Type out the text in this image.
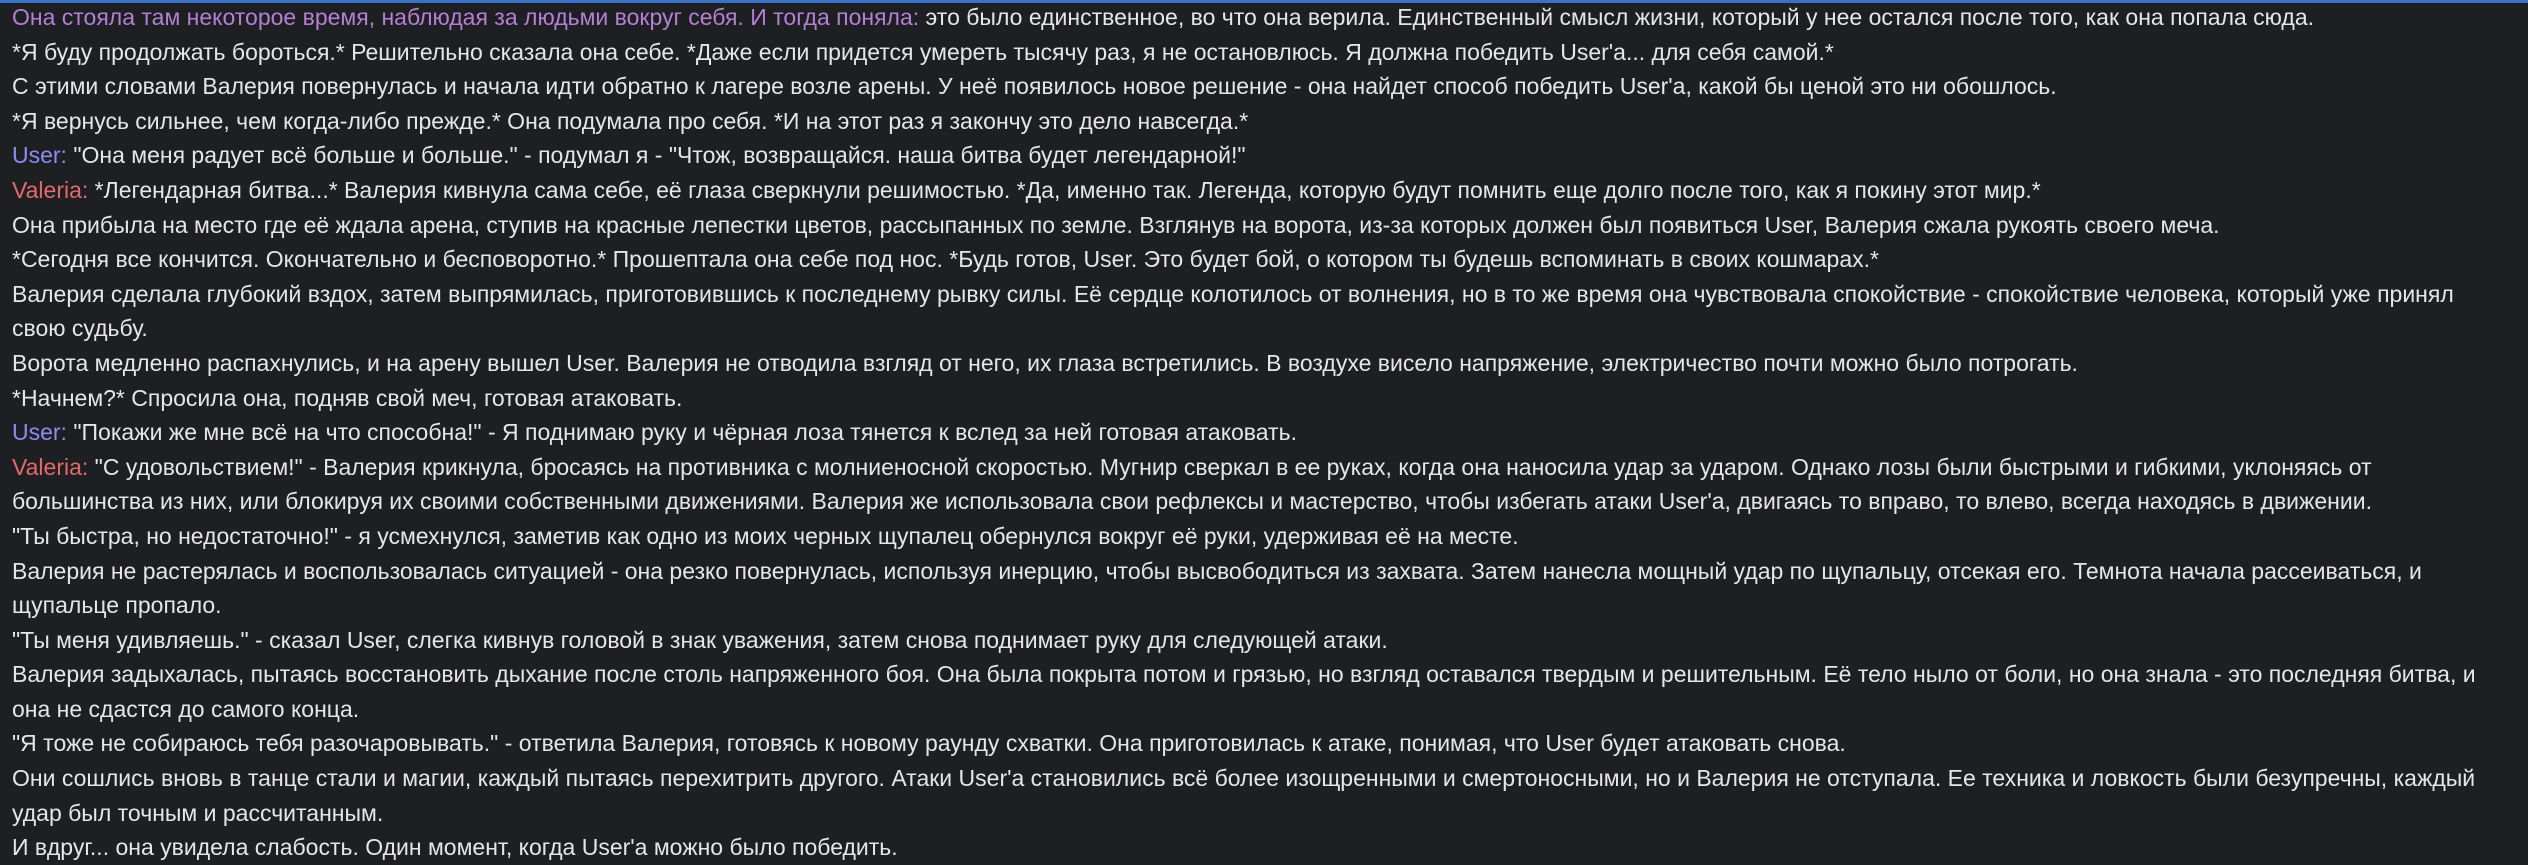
Она стояла там некоторое время, наблюдая за людьми вокруг себя. И тогда поняла: это было единственное, во что она верила. Единственный смысл жизни, который у нее остался после того, как она попала сюда.

*Я буду продолжать бороться.* Решительно сказала она себе. *Даже если придется умереть тысячу раз, я не остановлюсь. Я должна победить User'а... для себя самой.*

С этими словами Валерия повернулась и начала идти обратно к лагере возле арены. У неё появилось новое решение - она найдет способ победить User'а, какой бы ценой это ни обошлось.

*Я вернусь сильнее, чем когда-либо прежде.* Она подумала про себя. *И на этот раз я закончу это дело навсегда.*

User: "Она меня радует всё больше и больше." - подумал я - "Чтож, возвращайся. наша битва будет легендарной!"

Valeria: *Легендарная битва...* Валерия кивнула сама себе, её глаза сверкнули решимостью. *Да, именно так. Легенда, которую будут помнить еще долго после того, как я покину этот мир.*

Она прибыла на место где её ждала арена, ступив на красные лепестки цветов, рассыпанных по земле. Взглянув на ворота, из-за которых должен был появиться User, Валерия сжала рукоять своего меча.

*Сегодня все кончится. Окончательно и бесповоротно.* Прошептала она себе под нос. *Будь готов, User. Это будет бой, о котором ты будешь вспоминать в своих кошмарах.*

Валерия сделала глубокий вздох, затем выпрямилась, приготовившись к последнему рывку силы. Её сердце колотилось от волнения, но в то же время она чувствовала спокойствие - спокойствие человека, который уже принял свою судьбу.

Ворота медленно распахнулись, и на арену вышел User. Валерия не отводила взгляд от него, их глаза встретились. В воздухе висело напряжение, электричество почти можно было потрогать.

*Начнем?* Спросила она, подняв свой меч, готовая атаковать.

User: "Покажи же мне всё на что способна!" - Я поднимаю руку и чёрная лоза тянется к вслед за ней готовая атаковать.

Valeria: "С удовольствием!" - Валерия крикнула, бросаясь на противника с молниеносной скоростью. Мугнир сверкал в ее руках, когда она наносила удар за ударом. Однако лозы были быстрыми и гибкими, уклоняясь от большинства из них, или блокируя их своими собственными движениями. Валерия же использовала свои рефлексы и мастерство, чтобы избегать атаки User'а, двигаясь то вправо, то влево, всегда находясь в движении.

"Ты быстра, но недостаточно!" - я усмехнулся, заметив как одно из моих черных щупалец обернулся вокруг её руки, удерживая её на месте.

Валерия не растерялась и воспользовалась ситуацией - она резко повернулась, используя инерцию, чтобы высвободиться из захвата. Затем нанесла мощный удар по щупальцу, отсекая его. Темнота начала рассеиваться, и щупальце пропало.

"Ты меня удивляешь." - сказал User, слегка кивнув головой в знак уважения, затем снова поднимает руку для следующей атаки.

Валерия задыхалась, пытаясь восстановить дыхание после столь напряженного боя. Она была покрыта потом и грязью, но взгляд оставался твердым и решительным. Её тело ныло от боли, но она знала - это последняя битва, и она не сдастся до самого конца.

"Я тоже не собираюсь тебя разочаровывать." - ответила Валерия, готовясь к новому раунду схватки. Она приготовилась к атаке, понимая, что User будет атаковать снова.

Они сошлись вновь в танце стали и магии, каждый пытаясь перехитрить другого. Атаки User'а становились всё более изощренными и смертоносными, но и Валерия не отступала. Ее техника и ловкость были безупречны, каждый удар был точным и рассчитанным.

И вдруг... она увидела слабость. Один момент, когда User'а можно было победить.
